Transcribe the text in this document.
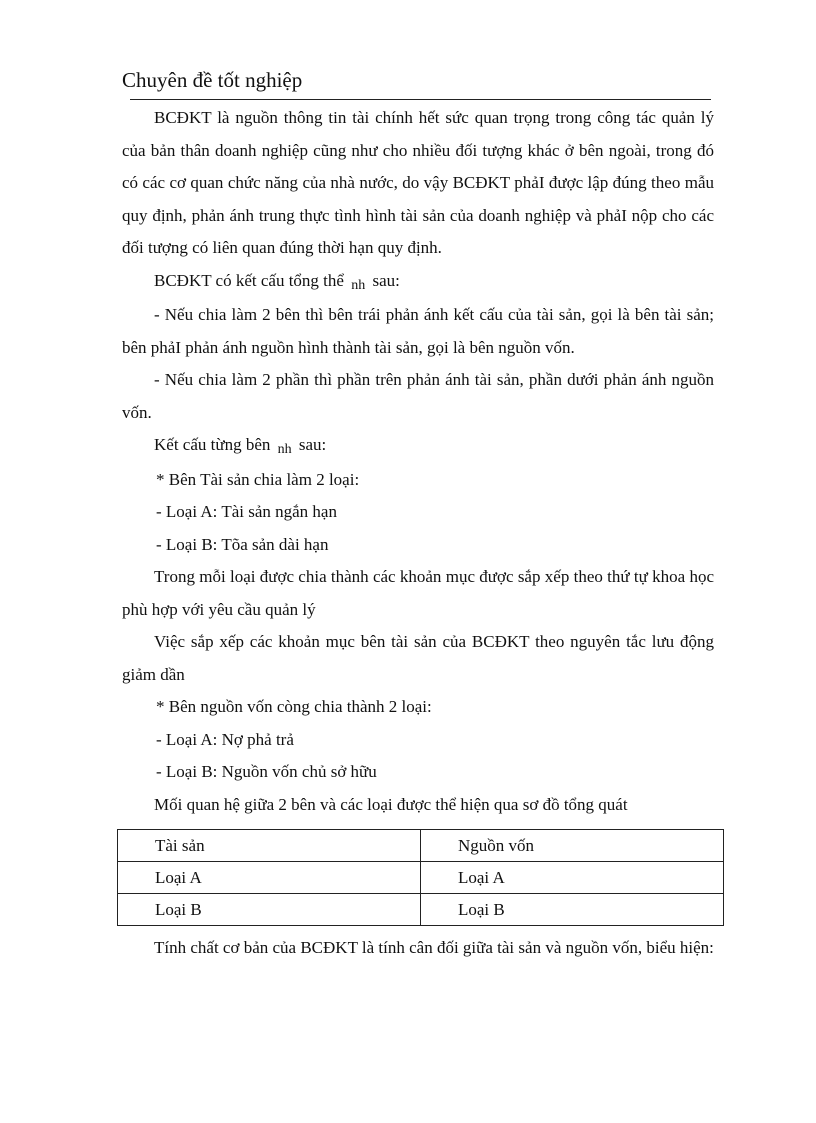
Chuyên đề tốt nghiệp

BCĐKT là nguồn thông tin tài chính hết sức quan trọng trong công tác quản lý của bản thân doanh nghiệp cũng như cho nhiều đối tượng khác ở bên ngoài, trong đó có các cơ quan chức năng của nhà nước, do vậy BCĐKT phảI được lập đúng theo mẫu quy định, phản ánh trung thực tình hình tài sản của doanh nghiệp và phảI nộp cho các đối tượng có liên quan đúng thời hạn quy định.

BCĐKT có kết cấu tổng thể nh sau:

- Nếu chia làm 2 bên thì bên trái phản ánh kết cấu của tài sản, gọi là bên tài sản; bên phảI phản ánh nguồn hình thành tài sản, gọi là bên nguồn vốn.

- Nếu chia làm 2 phần thì phần trên phản ánh tài sản, phần dưới phản ánh nguồn vốn.

Kết cấu từng bên nh sau:

* Bên Tài sản chia làm 2 loại:

- Loại A: Tài sản ngắn hạn

- Loại B: Tõa sản dài hạn

Trong mỗi loại được chia thành các khoản mục được sắp xếp theo thứ tự khoa học phù hợp với yêu cầu quản lý

Việc sắp xếp các khoản mục bên tài sản của BCĐKT theo nguyên tắc lưu động giảm dần

* Bên nguồn vốn còng chia thành 2 loại:

- Loại A: Nợ phả trả

- Loại B: Nguồn vốn chủ sở hữu

Mối quan hệ giữa 2 bên và các loại được thể hiện qua sơ đồ tổng quát

Tài sản	Nguồn vốn
Loại A	Loại A
Loại B	Loại B

Tính chất cơ bản của BCĐKT là tính cân đối giữa tài sản và nguồn vốn, biểu hiện:
